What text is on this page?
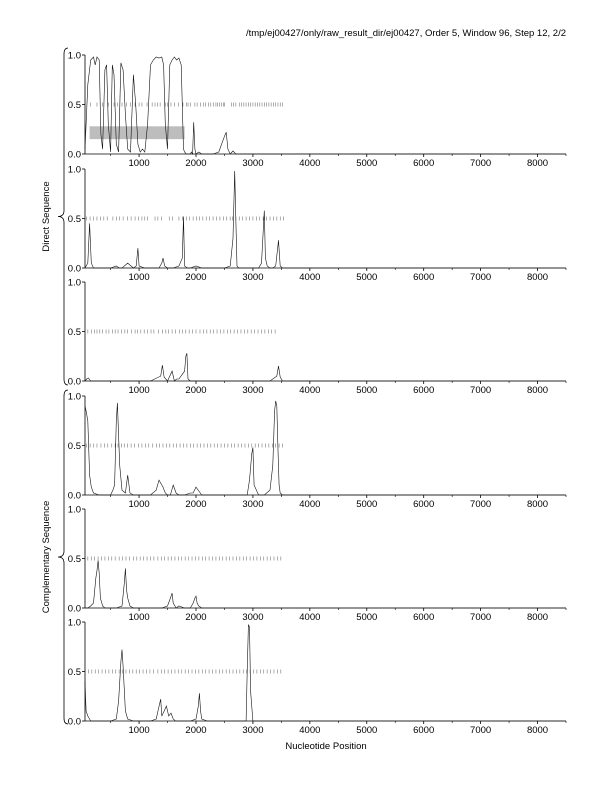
/tmp/ej00427/only/raw_result_dir/ej00427, Order 5, Window 96, Step 12, 2/2
0.0
0.5
1.0
1000	2000	3000	4000	5000	6000	7000	8000
0.0
0.5
1.0
1000	2000	3000	4000	5000	6000	7000	8000
0.0
0.5
1.0
1000	2000	3000	4000	5000	6000	7000	8000
0.0
0.5
1.0
1000	2000	3000	4000	5000	6000	7000	8000
0.0
0.5
1.0
1000	2000	3000	4000	5000	6000	7000	8000
0.0
0.5
1.0
1000	2000	3000	4000	5000	6000	7000	8000
Direct Sequence
Complementary Sequence
Nucleotide Position
